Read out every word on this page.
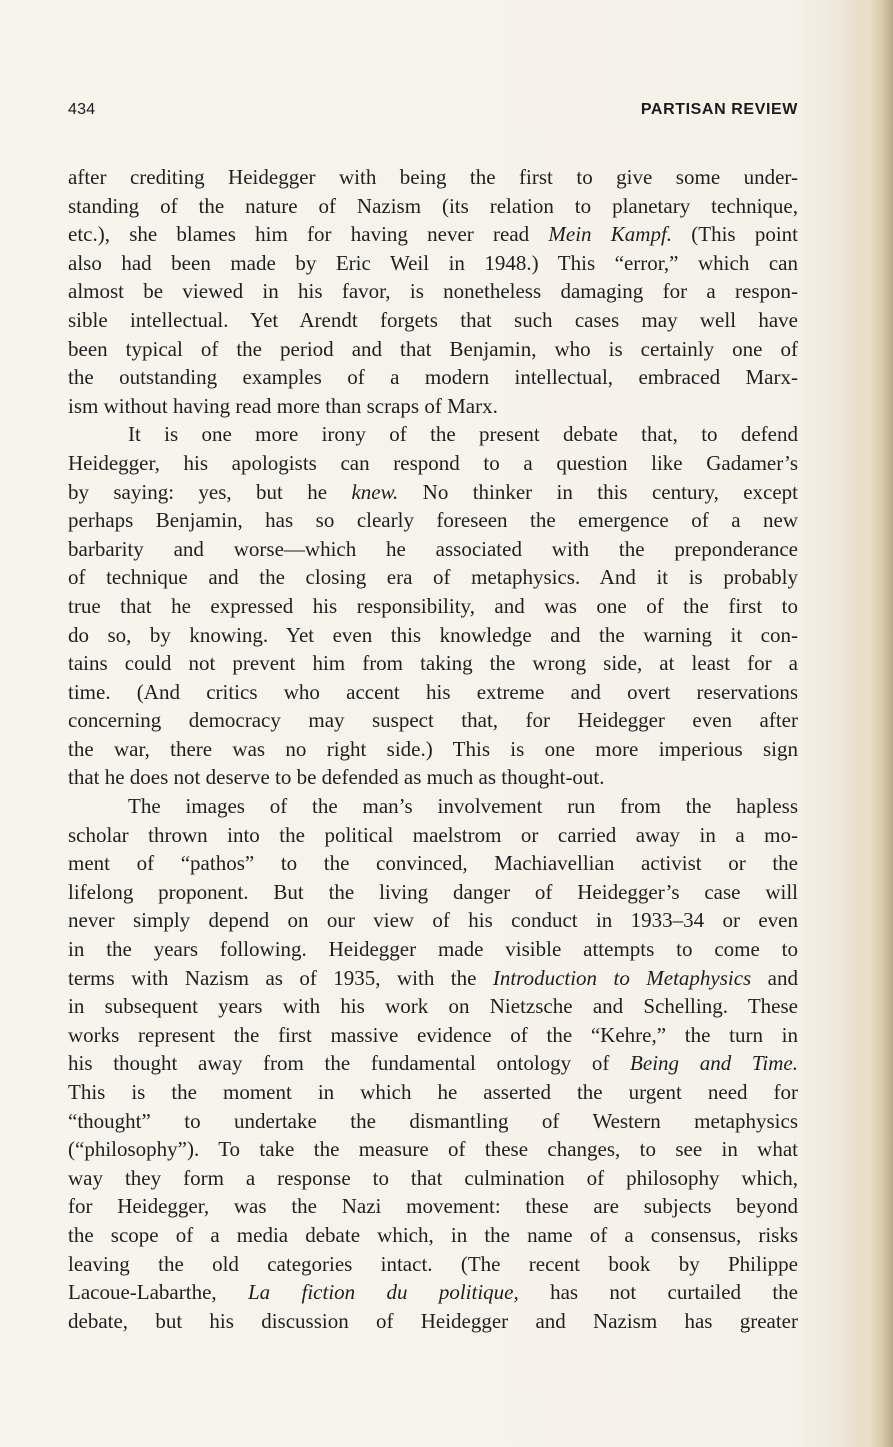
434	PARTISAN REVIEW

after crediting Heidegger with being the first to give some under-

standing of the nature of Nazism (its relation to planetary technique,

etc.), she blames him for having never read Mein Kampf. (This point

also had been made by Eric Weil in 1948.) This “error,” which can

almost be viewed in his favor, is nonetheless damaging for a respon-

sible intellectual. Yet Arendt forgets that such cases may well have

been typical of the period and that Benjamin, who is certainly one of

the outstanding examples of a modern intellectual, embraced Marx-

ism without having read more than scraps of Marx.

It is one more irony of the present debate that, to defend

Heidegger, his apologists can respond to a question like Gadamer’s

by saying: yes, but he knew. No thinker in this century, except

perhaps Benjamin, has so clearly foreseen the emergence of a new

barbarity and worse—which he associated with the preponderance

of technique and the closing era of metaphysics. And it is probably

true that he expressed his responsibility, and was one of the first to

do so, by knowing. Yet even this knowledge and the warning it con-

tains could not prevent him from taking the wrong side, at least for a

time. (And critics who accent his extreme and overt reservations

concerning democracy may suspect that, for Heidegger even after

the war, there was no right side.) This is one more imperious sign

that he does not deserve to be defended as much as thought-out.

The images of the man’s involvement run from the hapless

scholar thrown into the political maelstrom or carried away in a mo-

ment of “pathos” to the convinced, Machiavellian activist or the

lifelong proponent. But the living danger of Heidegger’s case will

never simply depend on our view of his conduct in 1933–34 or even

in the years following. Heidegger made visible attempts to come to

terms with Nazism as of 1935, with the Introduction to Metaphysics and

in subsequent years with his work on Nietzsche and Schelling. These

works represent the first massive evidence of the “Kehre,” the turn in

his thought away from the fundamental ontology of Being and Time.

This is the moment in which he asserted the urgent need for

“thought” to undertake the dismantling of Western metaphysics

(“philosophy”). To take the measure of these changes, to see in what

way they form a response to that culmination of philosophy which,

for Heidegger, was the Nazi movement: these are subjects beyond

the scope of a media debate which, in the name of a consensus, risks

leaving the old categories intact. (The recent book by Philippe

Lacoue-Labarthe, La fiction du politique, has not curtailed the

debate, but his discussion of Heidegger and Nazism has greater
